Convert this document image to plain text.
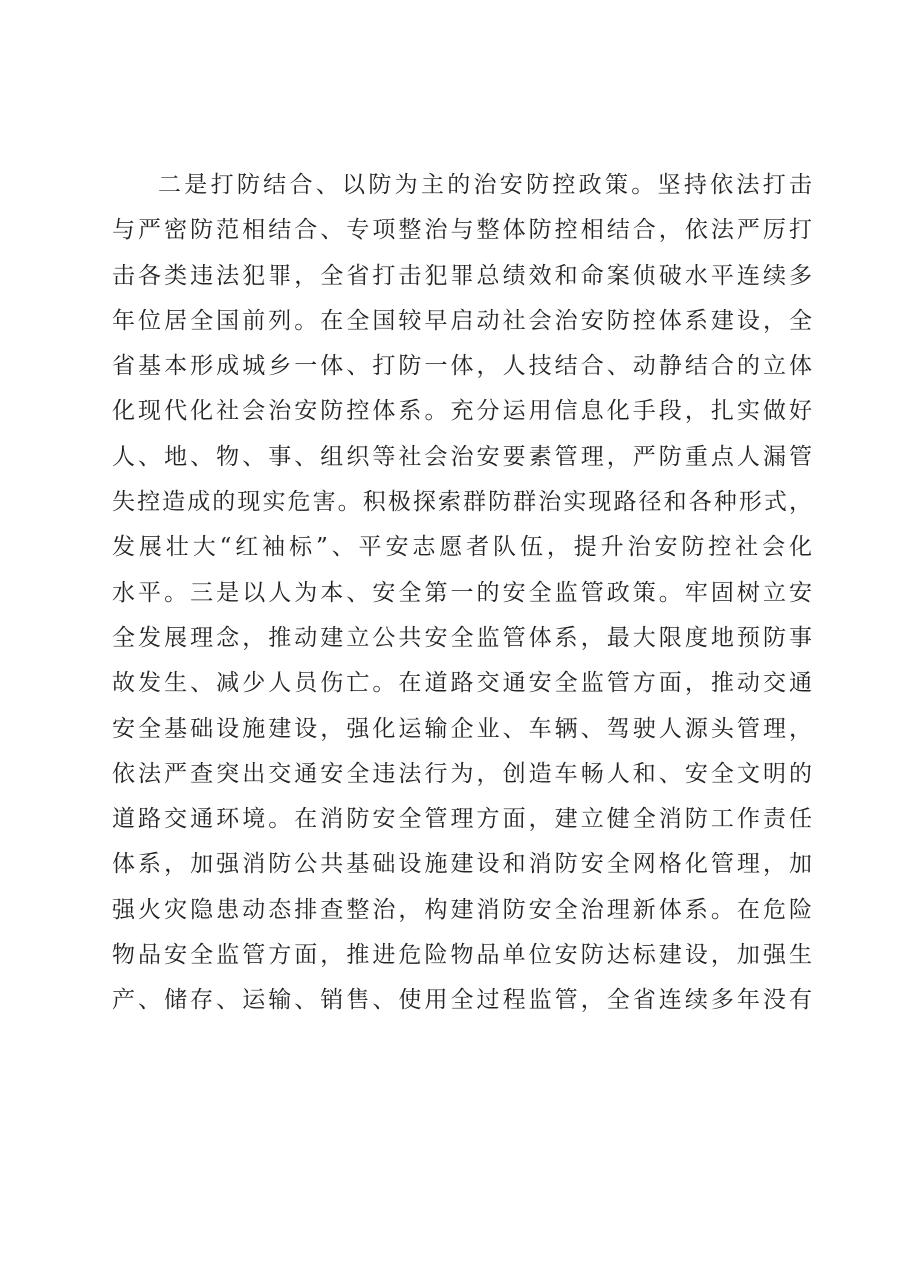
二是打防结合、以防为主的治安防控政策。坚持依法打击
与严密防范相结合、专项整治与整体防控相结合，依法严厉打
击各类违法犯罪，全省打击犯罪总绩效和命案侦破水平连续多
年位居全国前列。在全国较早启动社会治安防控体系建设，全
省基本形成城乡一体、打防一体，人技结合、动静结合的立体
化现代化社会治安防控体系。充分运用信息化手段，扎实做好
人、地、物、事、组织等社会治安要素管理，严防重点人漏管
失控造成的现实危害。积极探索群防群治实现路径和各种形式，
发展壮大“红袖标”、平安志愿者队伍，提升治安防控社会化
水平。三是以人为本、安全第一的安全监管政策。牢固树立安
全发展理念，推动建立公共安全监管体系，最大限度地预防事
故发生、减少人员伤亡。在道路交通安全监管方面，推动交通
安全基础设施建设，强化运输企业、车辆、驾驶人源头管理，
依法严查突出交通安全违法行为，创造车畅人和、安全文明的
道路交通环境。在消防安全管理方面，建立健全消防工作责任
体系，加强消防公共基础设施建设和消防安全网格化管理，加
强火灾隐患动态排查整治，构建消防安全治理新体系。在危险
物品安全监管方面，推进危险物品单位安防达标建设，加强生
产、储存、运输、销售、使用全过程监管，全省连续多年没有
